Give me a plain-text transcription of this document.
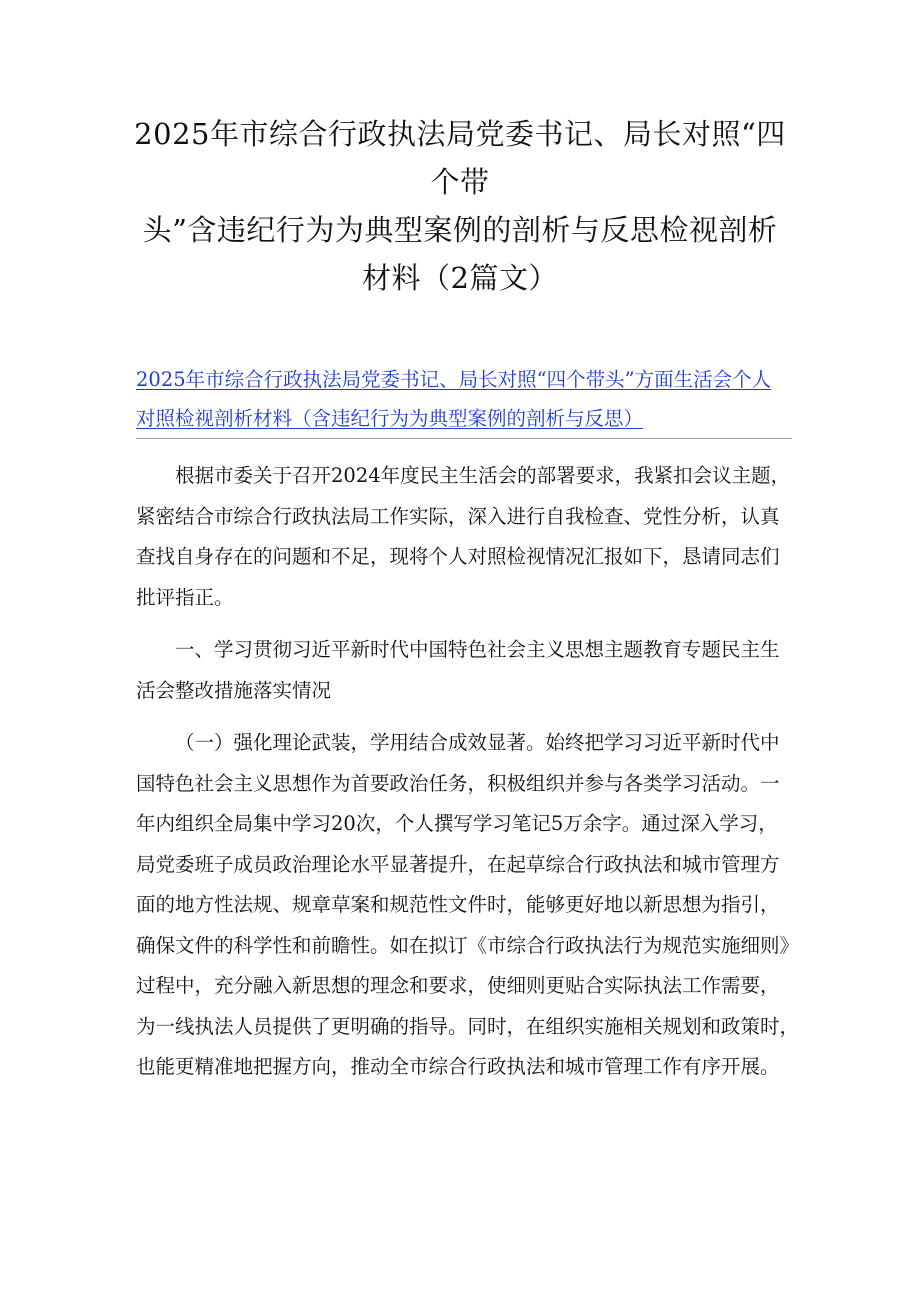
2025年市综合行政执法局党委书记、局长对照“四个带
头”含违纪行为为典型案例的剖析与反思检视剖析
材料（2篇文）
2025年市综合行政执法局党委书记、局长对照“四个带头”方面生活会个人
对照检视剖析材料（含违纪行为为典型案例的剖析与反思）

根据市委关于召开2024年度民主生活会的部署要求，我紧扣会议主题，
紧密结合市综合行政执法局工作实际，深入进行自我检查、党性分析，认真
查找自身存在的问题和不足，现将个人对照检视情况汇报如下，恳请同志们
批评指正。

一、学习贯彻习近平新时代中国特色社会主义思想主题教育专题民主生
活会整改措施落实情况

（一）强化理论武装，学用结合成效显著。始终把学习习近平新时代中
国特色社会主义思想作为首要政治任务，积极组织并参与各类学习活动。一
年内组织全局集中学习20次，个人撰写学习笔记5万余字。通过深入学习，
局党委班子成员政治理论水平显著提升，在起草综合行政执法和城市管理方
面的地方性法规、规章草案和规范性文件时，能够更好地以新思想为指引，
确保文件的科学性和前瞻性。如在拟订《市综合行政执法行为规范实施细则》
过程中，充分融入新思想的理念和要求，使细则更贴合实际执法工作需要，
为一线执法人员提供了更明确的指导。同时，在组织实施相关规划和政策时，
也能更精准地把握方向，推动全市综合行政执法和城市管理工作有序开展。
